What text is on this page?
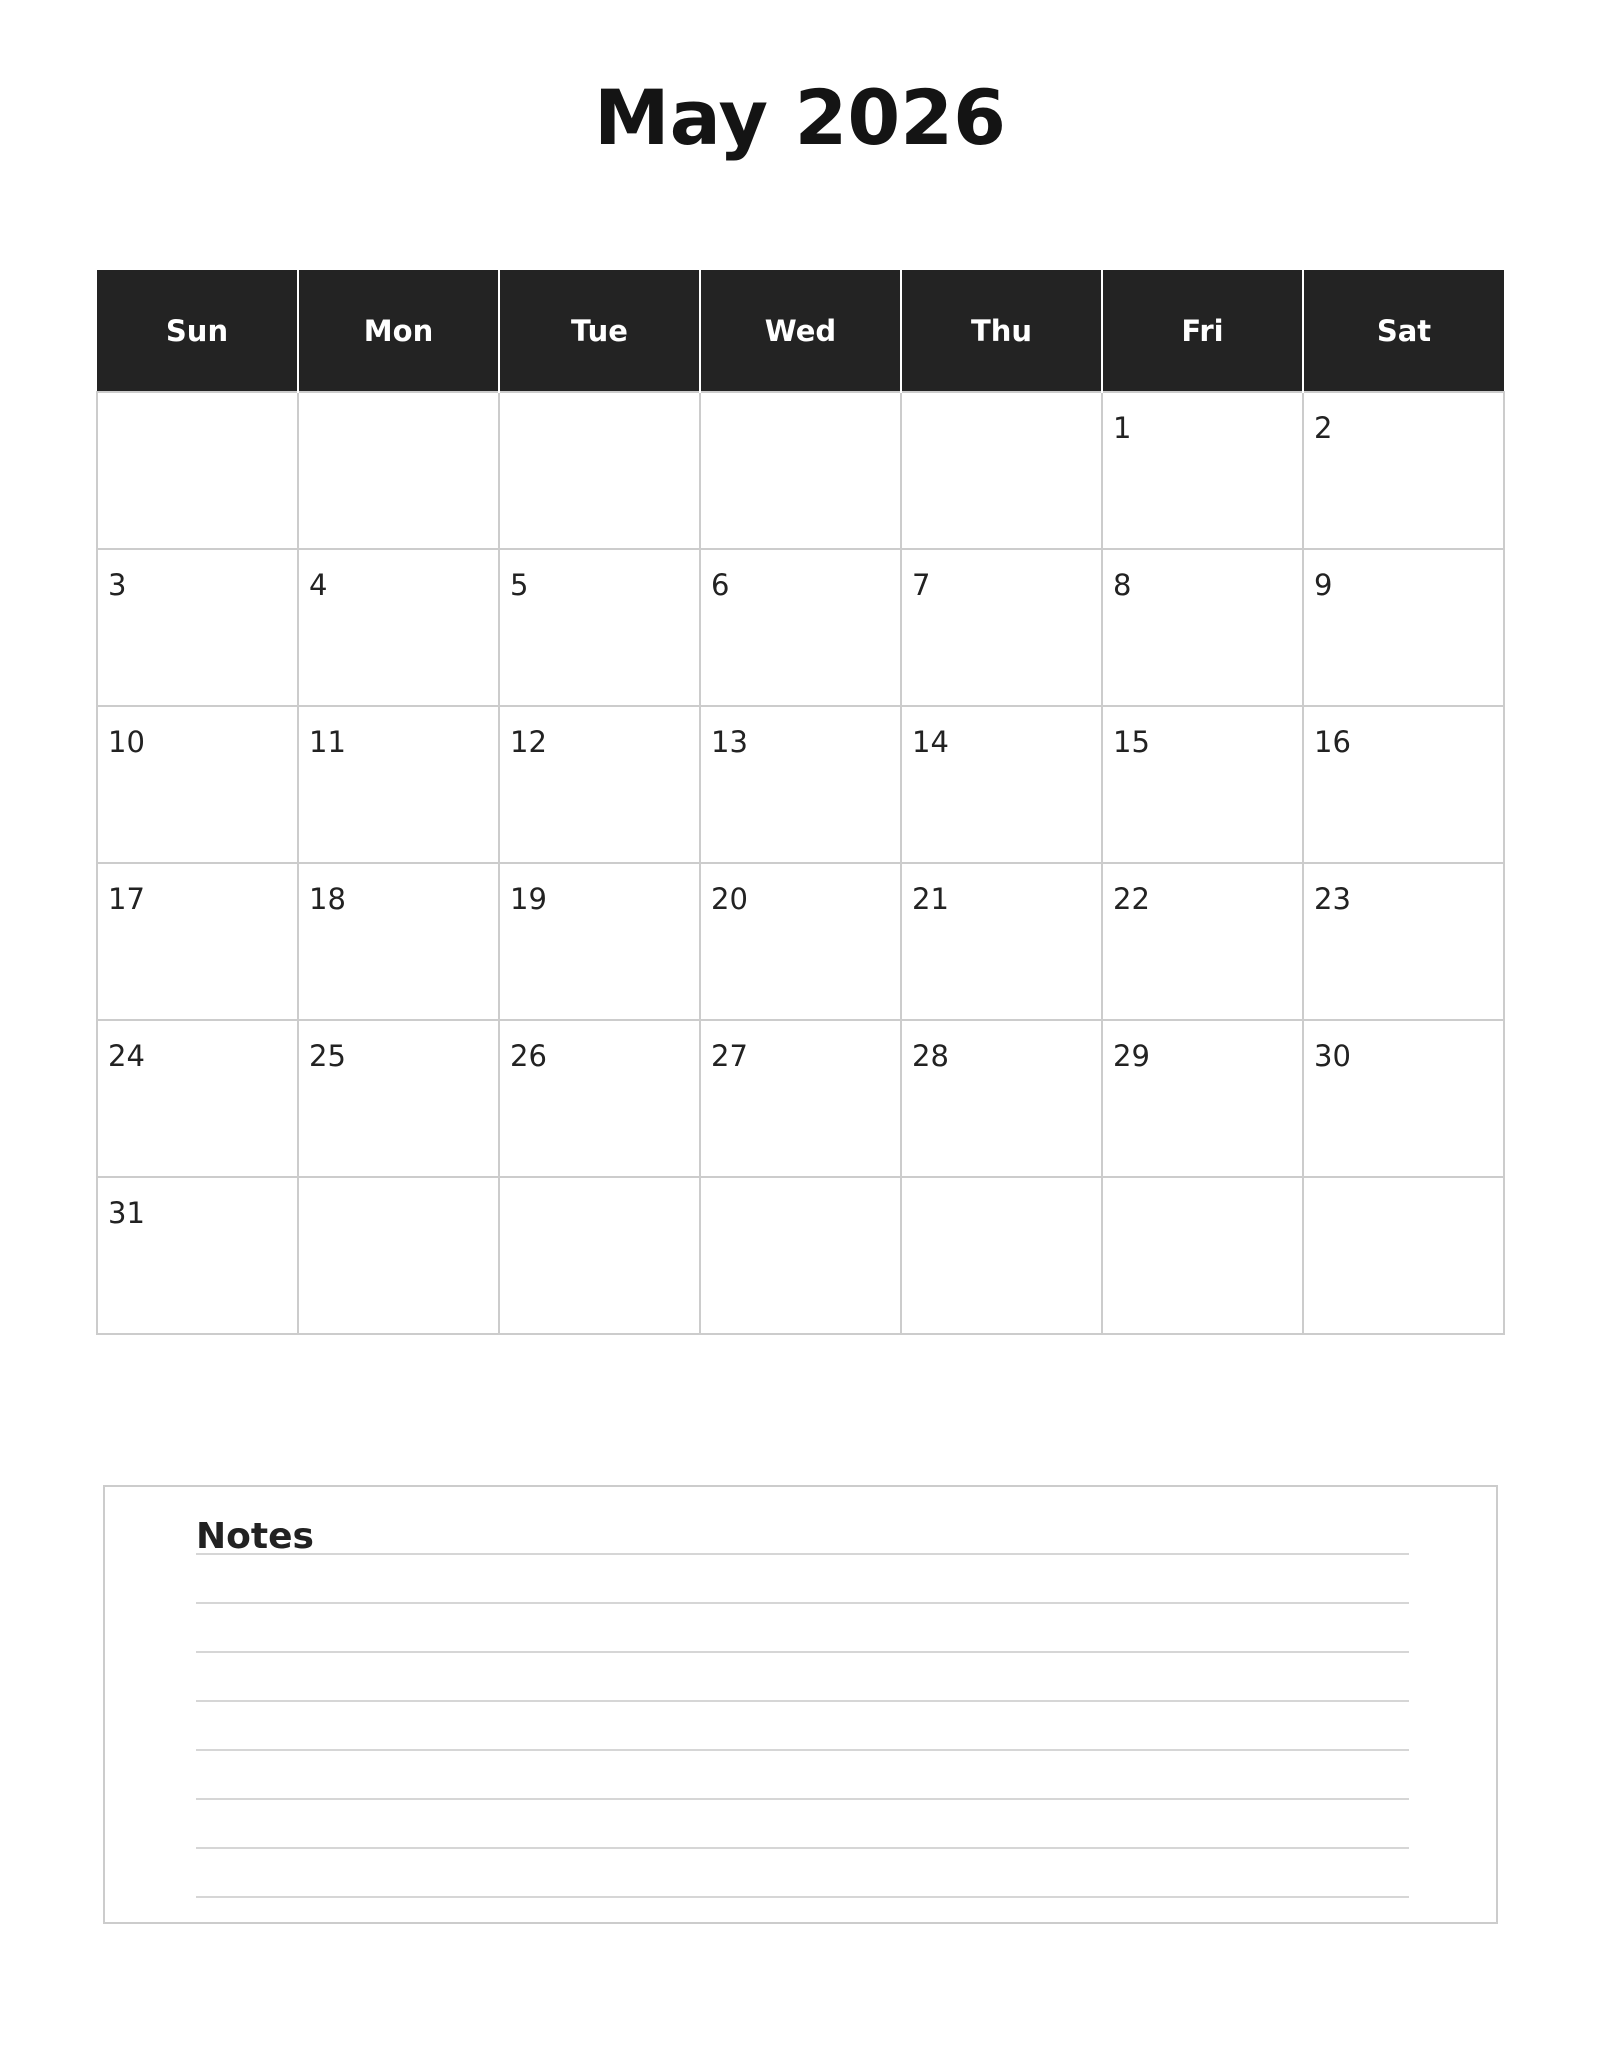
May 2026
Sun	Mon	Tue	Wed	Thu	Fri	Sat

					1	2

3	4	5	6	7	8	9

10	11	12	13	14	15	16

17	18	19	20	21	22	23

24	25	26	27	28	29	30

31						

Notes
